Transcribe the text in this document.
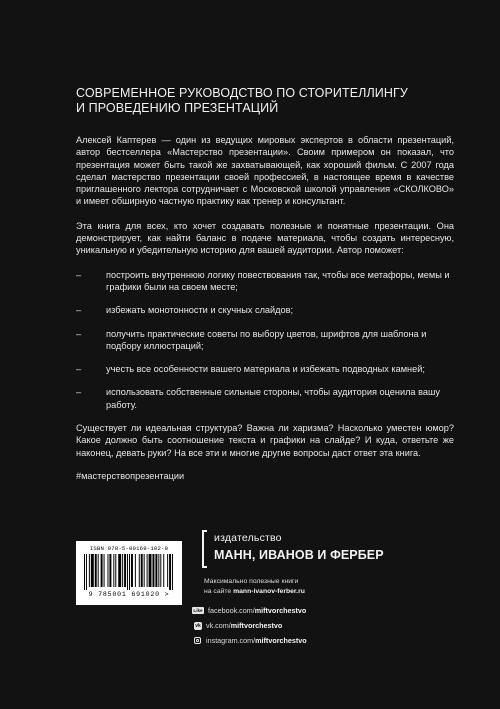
СОВРЕМЕННОЕ РУКОВОДСТВО ПО СТОРИТЕЛЛИНГУ
И ПРОВЕДЕНИЮ ПРЕЗЕНТАЦИЙ

Алексей Каптерев — один из ведущих мировых экспертов в области презентаций, автор бестселлера «Мастерство презентации». Своим примером он показал, что презентация может быть такой же захватывающей, как хороший фильм. С 2007 года сделал мастерство презентации своей профессией, в настоящее время в качестве приглашенного лектора сотрудничает с Московской школой управления «СКОЛКОВО» и имеет обширную частную практику как тренер и консультант.

Эта книга для всех, кто хочет создавать полезные и понятные презентации. Она демонстрирует, как найти баланс в подаче материала, чтобы создать интересную, уникальную и убедительную историю для вашей аудитории. Автор поможет:

–	построить внутреннюю логику повествования так, чтобы все метафоры, мемы и графики были на своем месте;
–	избежать монотонности и скучных слайдов;
–	получить практические советы по выбору цветов, шрифтов для шаблона и подбору иллюстраций;
–	учесть все особенности вашего материала и избежать подводных камней;
–	использовать собственные сильные стороны, чтобы аудитория оценила вашу работу.

Существует ли идеальная структура? Важна ли харизма? Насколько уместен юмор? Какое должно быть соотношение текста и графики на слайде? И куда, ответьте же наконец, девать руки? На все эти и многие другие вопросы даст ответ эта книга.

#мастерствопрезентации

ISBN 978-5-00169-102-0
9 785001 691020 >
издательство
МАНН, ИВАНОВ И ФЕРБЕР
Максимально полезные книги
на сайте mann-ivanov-ferber.ru
Like facebook.com/ miftvorchestvo
vk vk.com/ miftvorchestvo
instagram.com/ miftvorchestvo
